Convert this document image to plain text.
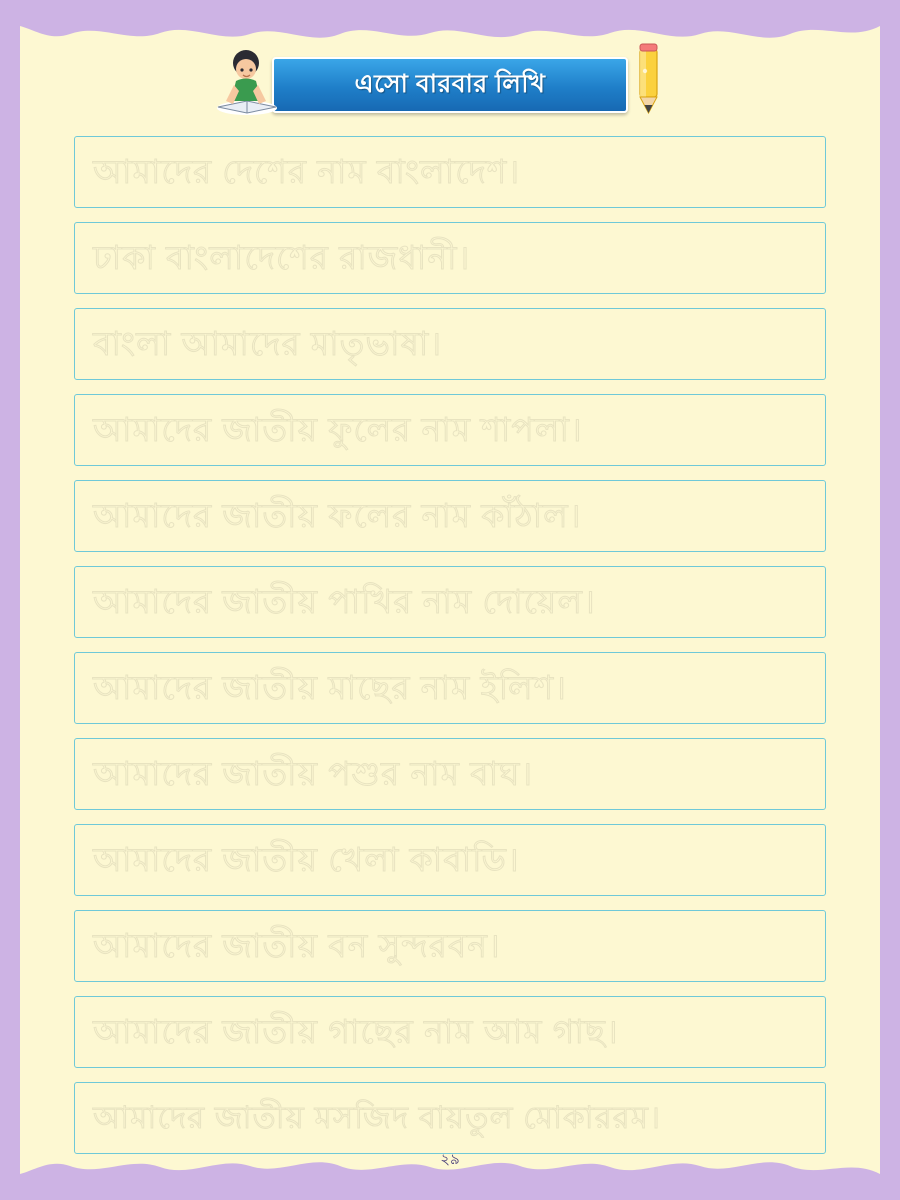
এসো বারবার লিখি
আমাদের দেশের নাম বাংলাদেশ।
ঢাকা বাংলাদেশের রাজধানী।
বাংলা আমাদের মাতৃভাষা।
আমাদের জাতীয় ফুলের নাম শাপলা।
আমাদের জাতীয় ফলের নাম কাঁঠাল।
আমাদের জাতীয় পাখির নাম দোয়েল।
আমাদের জাতীয় মাছের নাম ইলিশ।
আমাদের জাতীয় পশুর নাম বাঘ।
আমাদের জাতীয় খেলা কাবাডি।
আমাদের জাতীয় বন সুন্দরবন।
আমাদের জাতীয় গাছের নাম আম গাছ।
আমাদের জাতীয় মসজিদ বায়তুল মোকাররম।
২৯
